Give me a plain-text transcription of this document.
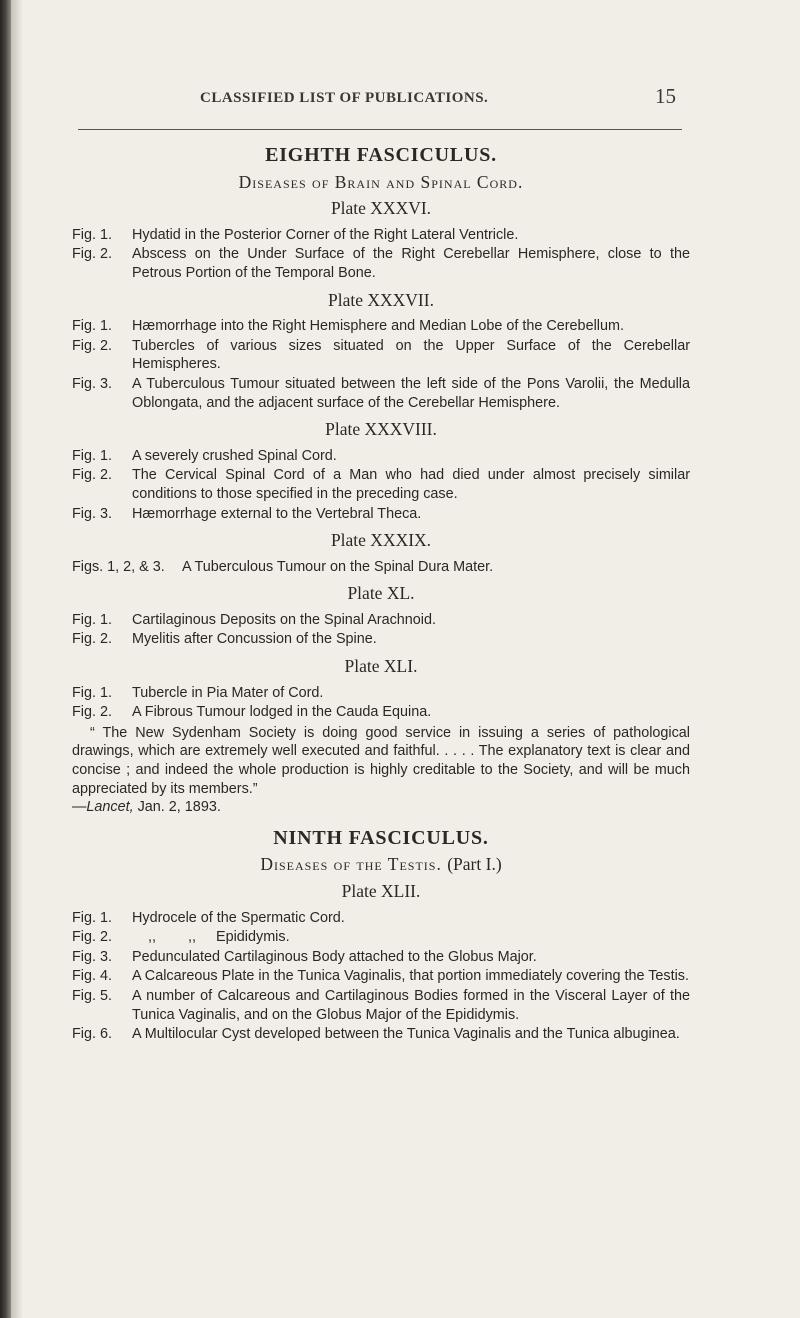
CLASSIFIED LIST OF PUBLICATIONS.	15
EIGHTH FASCICULUS.
Diseases of Brain and Spinal Cord.
Plate XXXVI.
Fig. 1.	Hydatid in the Posterior Corner of the Right Lateral Ventricle.
Fig. 2.	Abscess on the Under Surface of the Right Cerebellar Hemisphere, close to the Petrous Portion of the Temporal Bone.
Plate XXXVII.
Fig. 1.	Hæmorrhage into the Right Hemisphere and Median Lobe of the Cerebellum.
Fig. 2.	Tubercles of various sizes situated on the Upper Surface of the Cerebellar Hemispheres.
Fig. 3.	A Tuberculous Tumour situated between the left side of the Pons Varolii, the Medulla Oblongata, and the adjacent surface of the Cerebellar Hemisphere.
Plate XXXVIII.
Fig. 1.	A severely crushed Spinal Cord.
Fig. 2.	The Cervical Spinal Cord of a Man who had died under almost precisely similar conditions to those specified in the preceding case.
Fig. 3.	Hæmorrhage external to the Vertebral Theca.
Plate XXXIX.
Figs. 1, 2, & 3.	A Tuberculous Tumour on the Spinal Dura Mater.
Plate XL.
Fig. 1.	Cartilaginous Deposits on the Spinal Arachnoid.
Fig. 2.	Myelitis after Concussion of the Spine.
Plate XLI.
Fig. 1.	Tubercle in Pia Mater of Cord.
Fig. 2.	A Fibrous Tumour lodged in the Cauda Equina.
“ The New Sydenham Society is doing good service in issuing a series of pathological drawings, which are extremely well executed and faithful. . . . . The explanatory text is clear and concise ; and indeed the whole production is highly creditable to the Society, and will be much appreciated by its members.”
—Lancet, Jan. 2, 1893.
NINTH FASCICULUS.
Diseases of the Testis. (Part I.)
Plate XLII.
Fig. 1.	Hydrocele of the Spermatic Cord.
Fig. 2.	,, ,, Epididymis.
Fig. 3.	Pedunculated Cartilaginous Body attached to the Globus Major.
Fig. 4.	A Calcareous Plate in the Tunica Vaginalis, that portion immediately covering the Testis.
Fig. 5.	A number of Calcareous and Cartilaginous Bodies formed in the Visceral Layer of the Tunica Vaginalis, and on the Globus Major of the Epididymis.
Fig. 6.	A Multilocular Cyst developed between the Tunica Vaginalis and the Tunica albuginea.
